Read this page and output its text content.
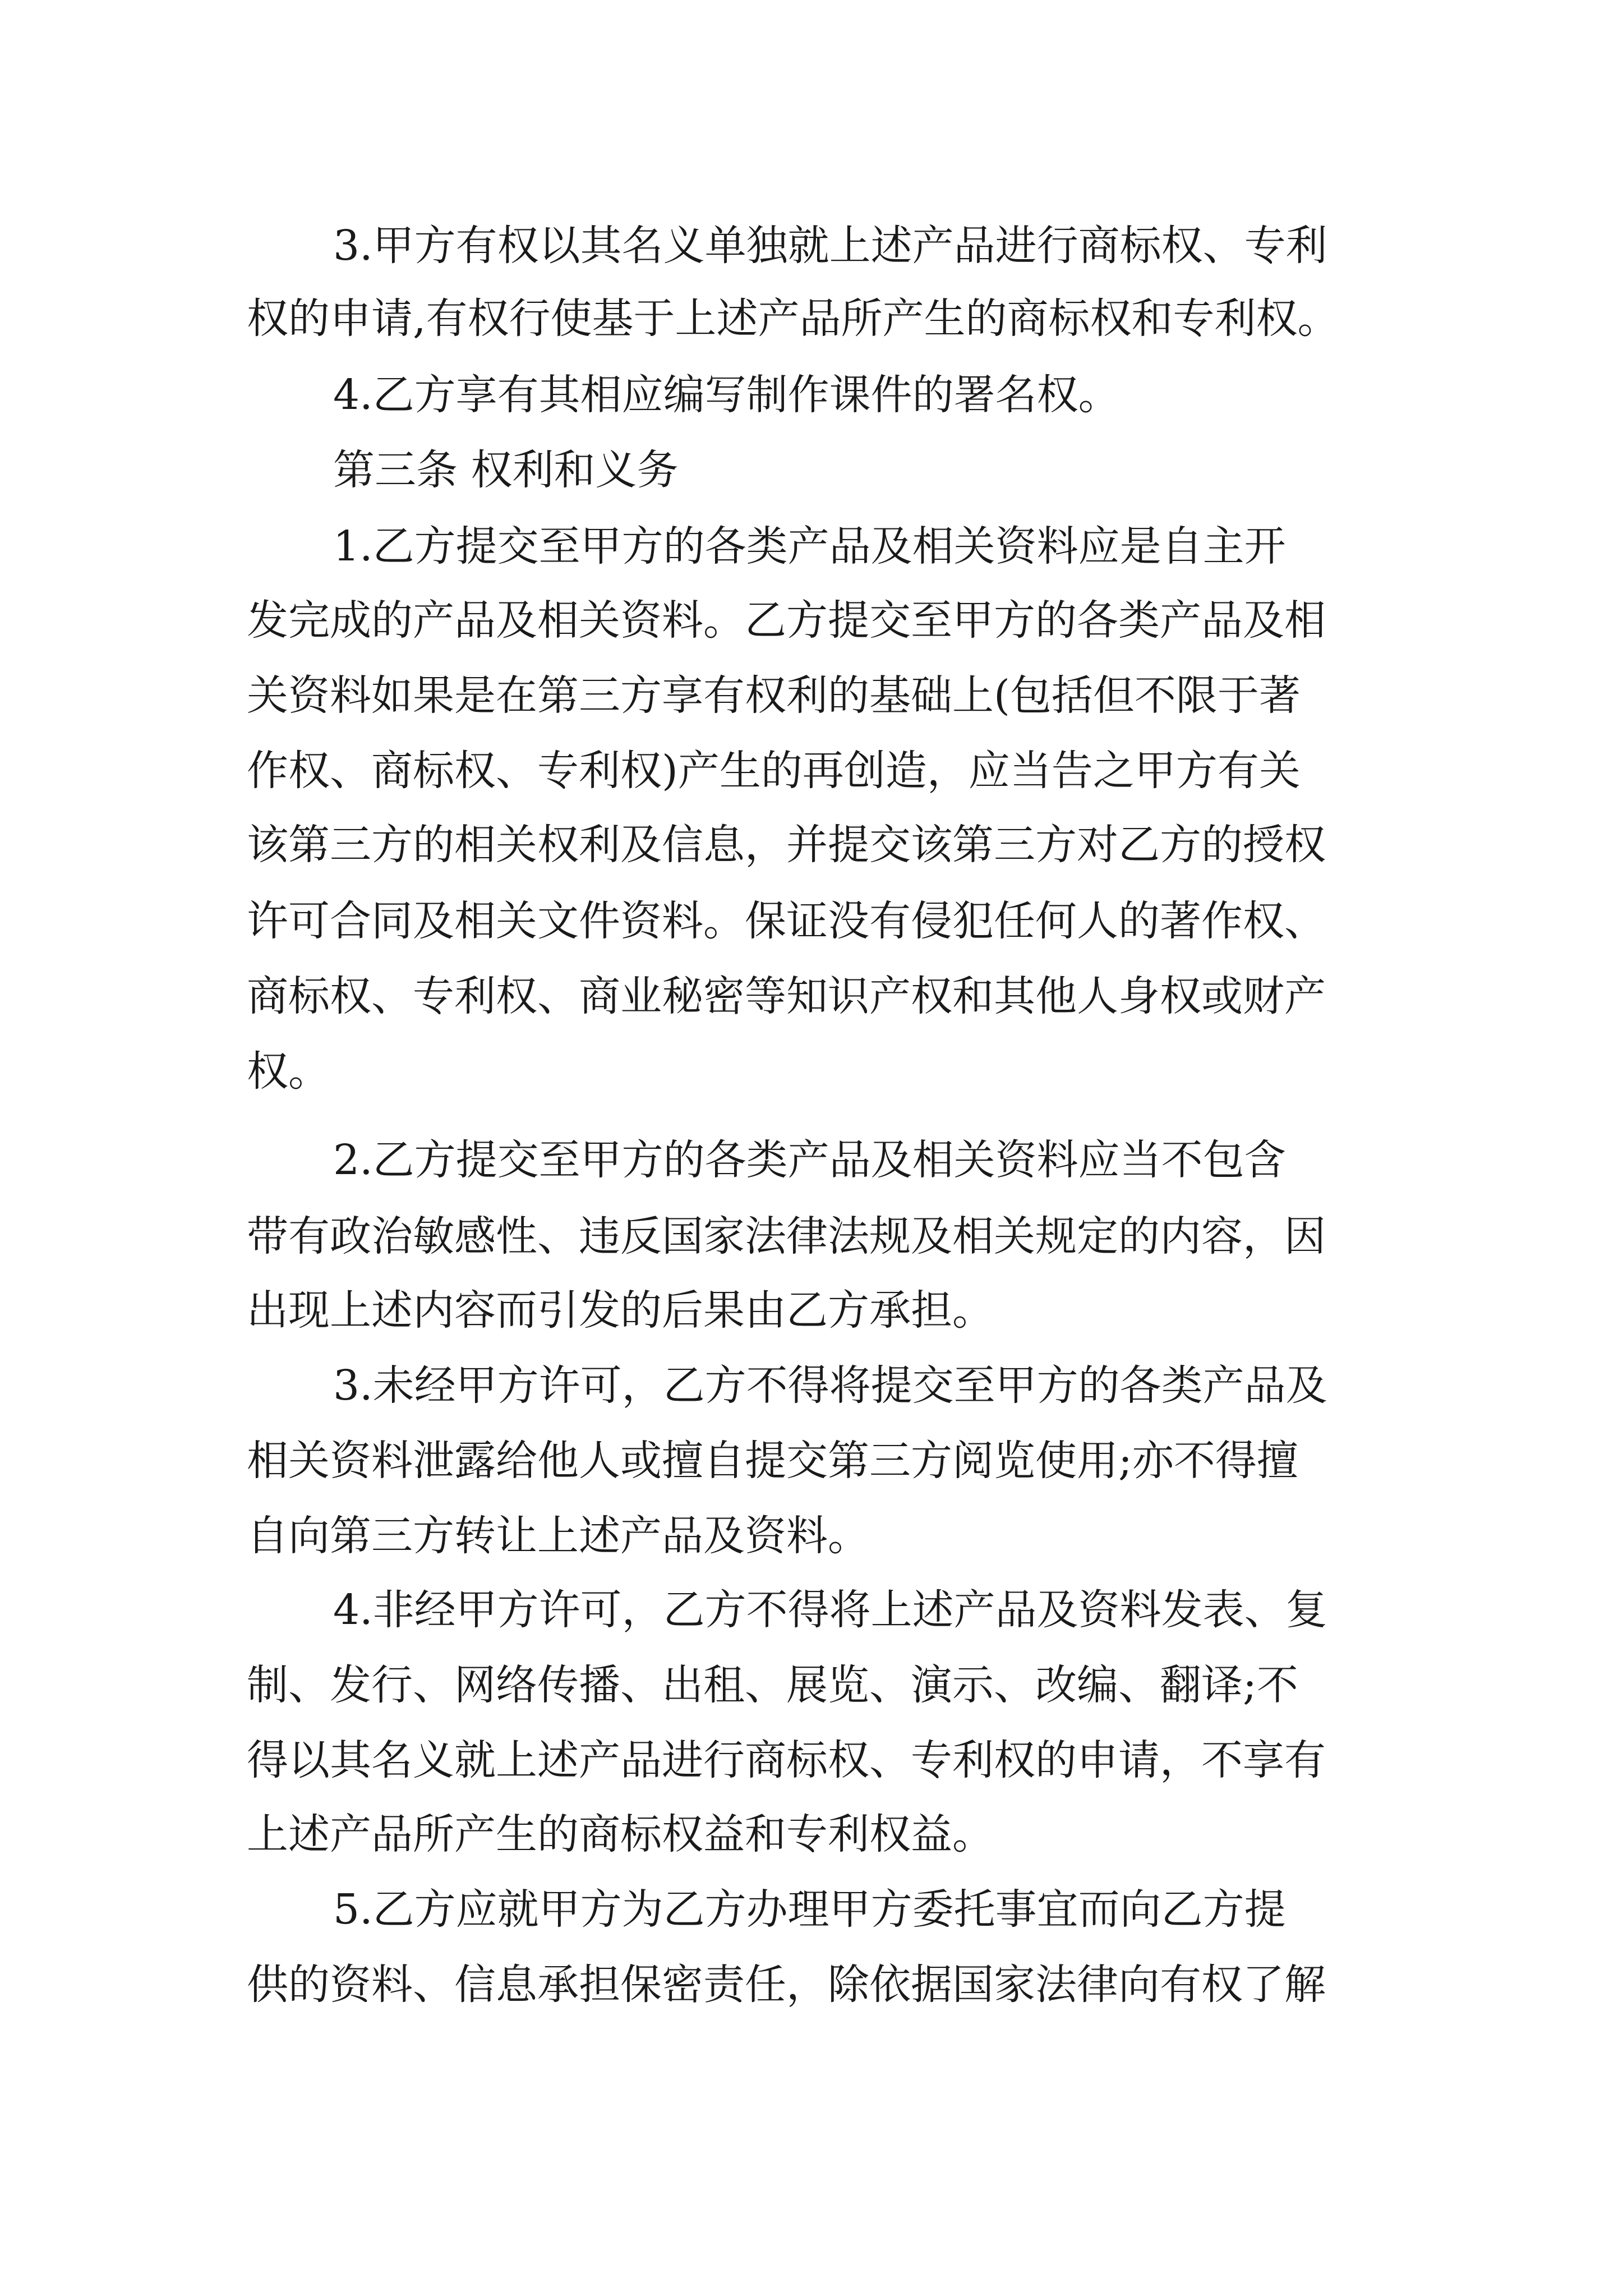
3.甲方有权以其名义单独就上述产品进行商标权、专利
权的申请,有权行使基于上述产品所产生的商标权和专利权。
4.乙方享有其相应编写制作课件的署名权。
第三条 权利和义务
1.乙方提交至甲方的各类产品及相关资料应是自主开
发完成的产品及相关资料。乙方提交至甲方的各类产品及相
关资料如果是在第三方享有权利的基础上(包括但不限于著
作权、商标权、专利权)产生的再创造，应当告之甲方有关
该第三方的相关权利及信息，并提交该第三方对乙方的授权
许可合同及相关文件资料。保证没有侵犯任何人的著作权、
商标权、专利权、商业秘密等知识产权和其他人身权或财产
权。
2.乙方提交至甲方的各类产品及相关资料应当不包含
带有政治敏感性、违反国家法律法规及相关规定的内容，因
出现上述内容而引发的后果由乙方承担。
3.未经甲方许可，乙方不得将提交至甲方的各类产品及
相关资料泄露给他人或擅自提交第三方阅览使用;亦不得擅
自向第三方转让上述产品及资料。
4.非经甲方许可，乙方不得将上述产品及资料发表、复
制、发行、网络传播、出租、展览、演示、改编、翻译;不
得以其名义就上述产品进行商标权、专利权的申请，不享有
上述产品所产生的商标权益和专利权益。
5.乙方应就甲方为乙方办理甲方委托事宜而向乙方提
供的资料、信息承担保密责任，除依据国家法律向有权了解
